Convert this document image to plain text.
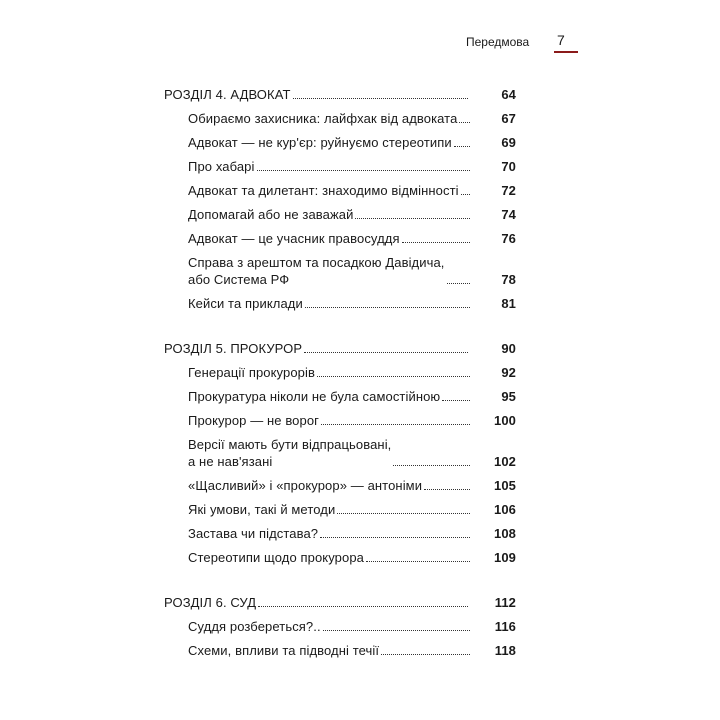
Передмова 7
РОЗДІЛ 4. АДВОКАТ	64
Обираємо захисника: лайфхак від адвоката	67
Адвокат — не кур'єр: руйнуємо стереотипи	69
Про хабарі	70
Адвокат та дилетант: знаходимо відмінності	72
Допомагай або не заважай	74
Адвокат — це учасник правосуддя	76
Справа з арештом та посадкою Давідича,
або Система РФ	78
Кейси та приклади	81
РОЗДІЛ 5. ПРОКУРОР	90
Генерації прокурорів	92
Прокуратура ніколи не була самостійною	95
Прокурор — не ворог	100
Версії мають бути відпрацьовані,
а не нав'язані	102
«Щасливий» і «прокурор» — антоніми	105
Які умови, такі й методи	106
Застава чи підстава?	108
Стереотипи щодо прокурора	109
РОЗДІЛ 6. СУД	112
Суддя розбереться?..	116
Схеми, впливи та підводні течії	118
